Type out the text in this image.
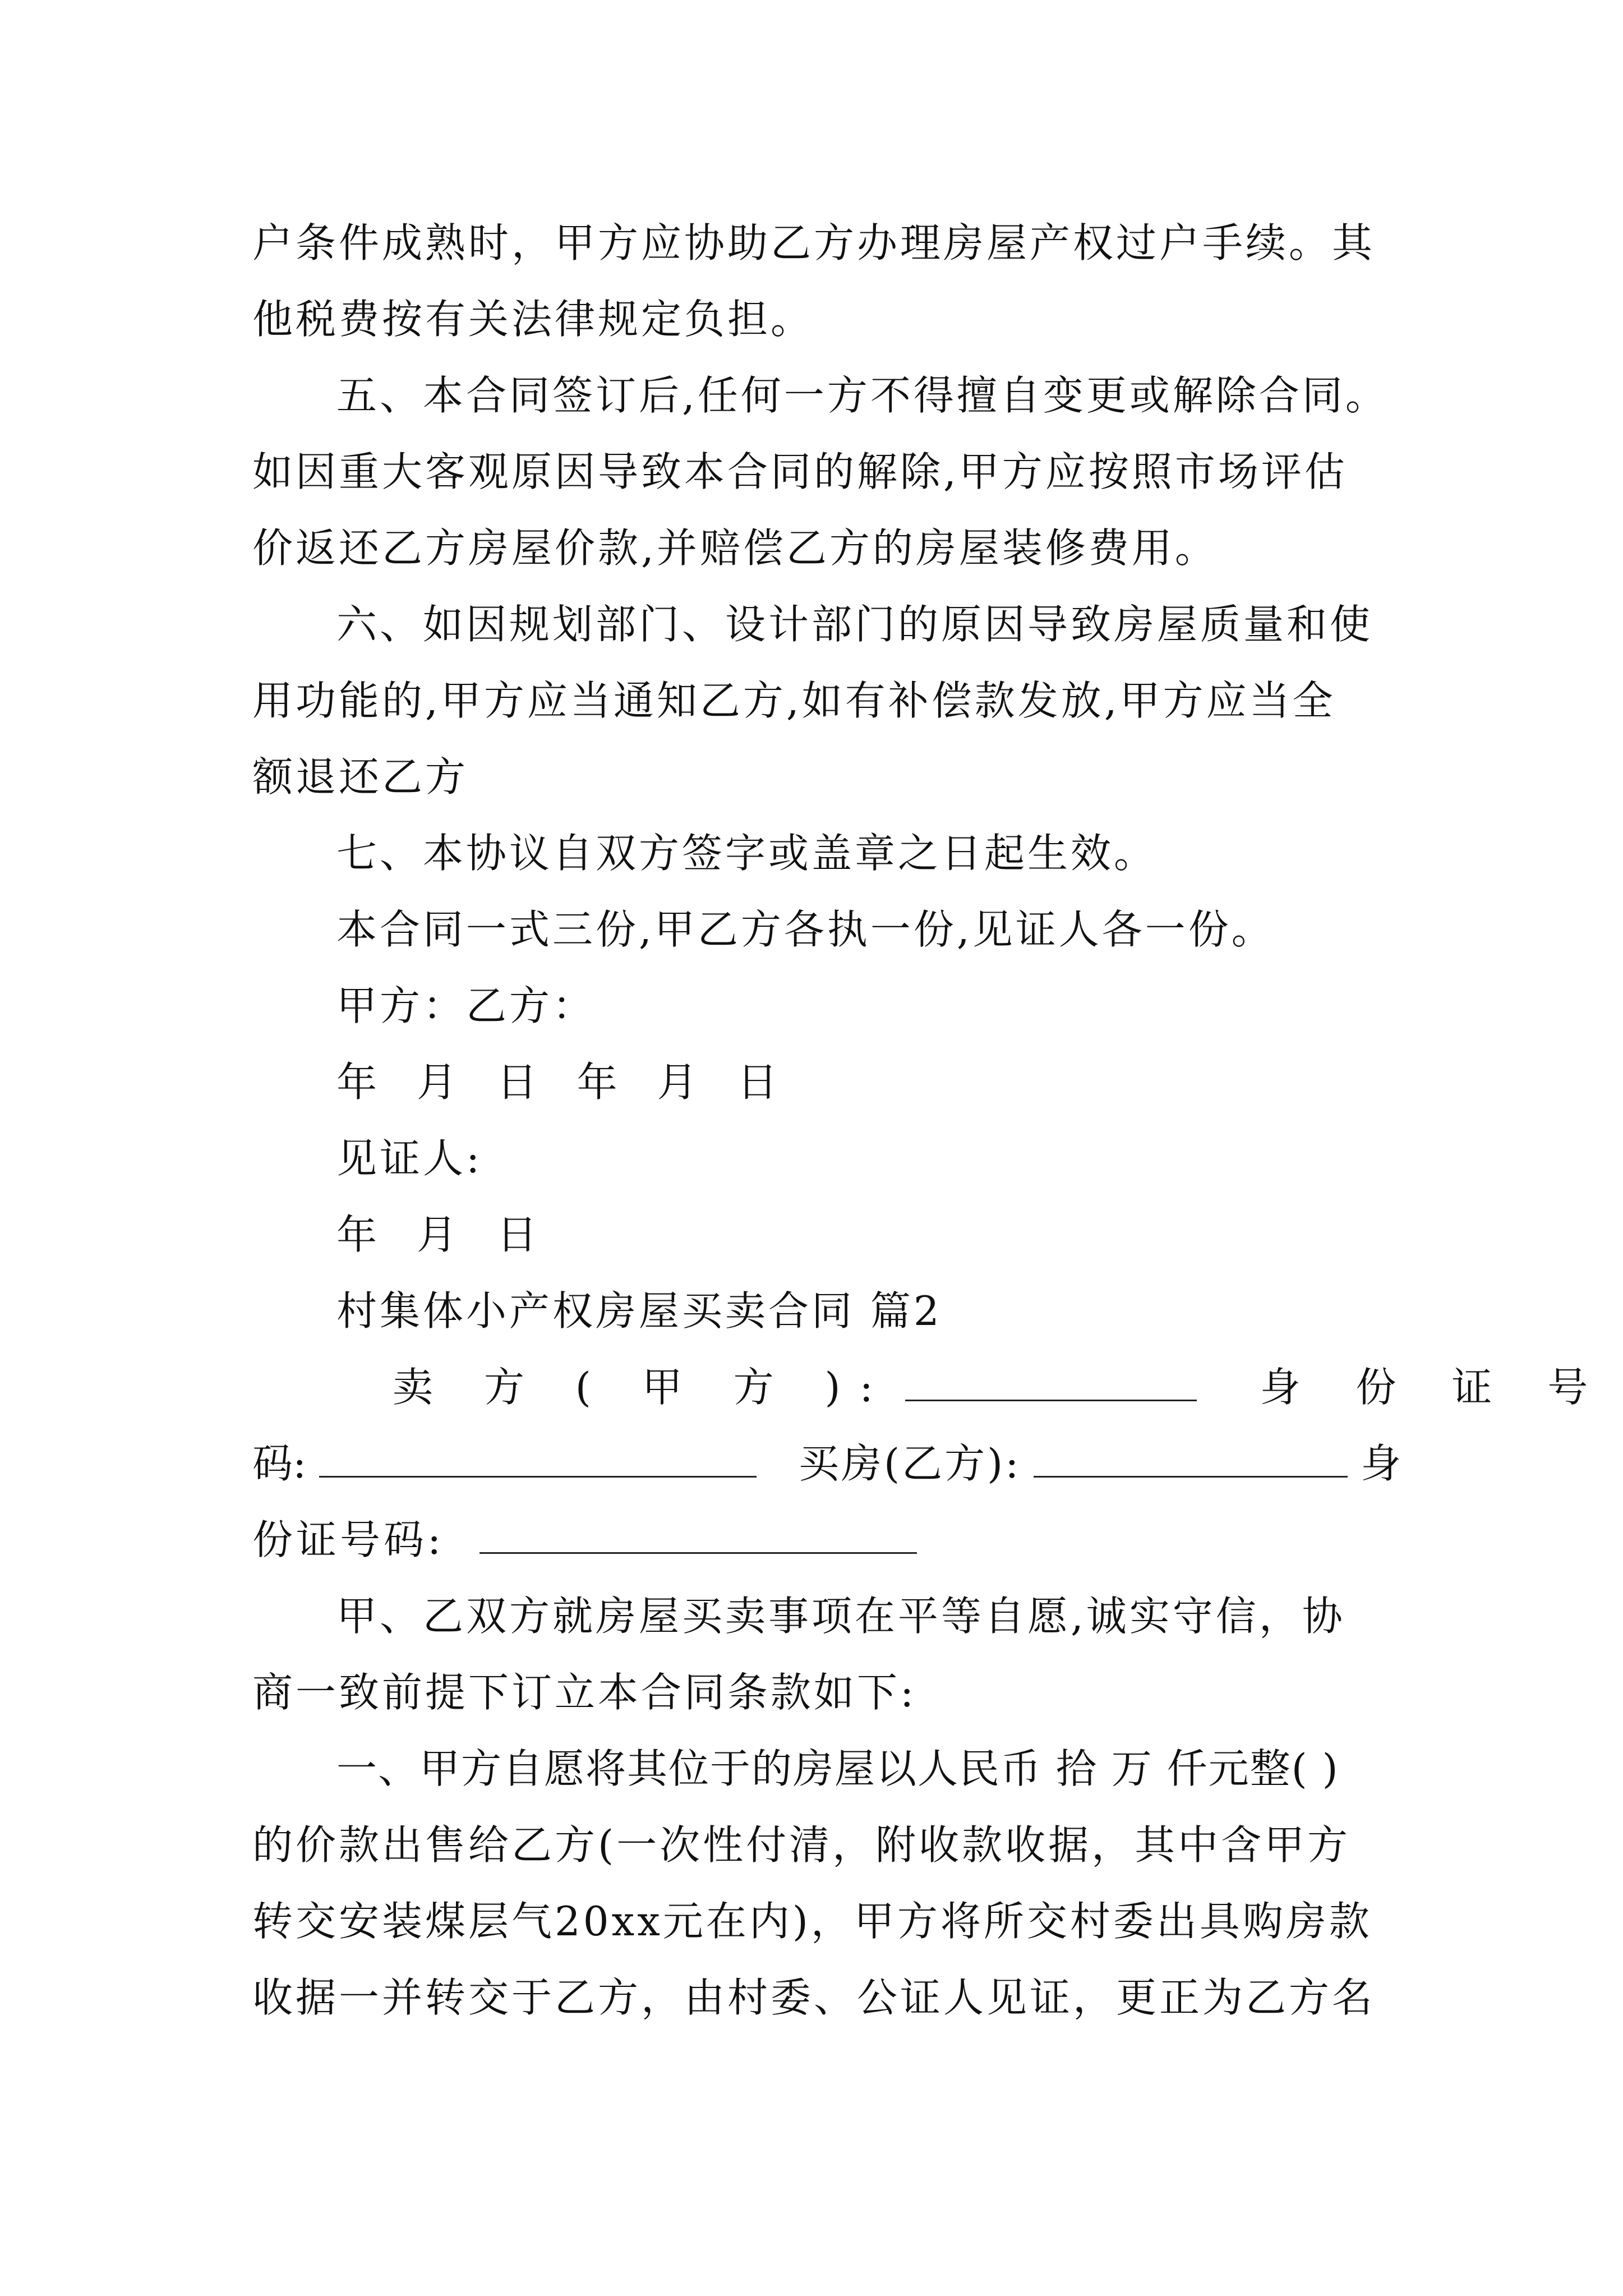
户条件成熟时，甲方应协助乙方办理房屋产权过户手续。其
他税费按有关法律规定负担。
五、本合同签订后,任何一方不得擅自变更或解除合同。
如因重大客观原因导致本合同的解除,甲方应按照市场评估
价返还乙方房屋价款,并赔偿乙方的房屋装修费用。
六、如因规划部门、设计部门的原因导致房屋质量和使
用功能的,甲方应当通知乙方,如有补偿款发放,甲方应当全
额退还乙方
七、本协议自双方签字或盖章之日起生效。
本合同一式三份,甲乙方各执一份,见证人各一份。
甲方：乙方：
年 月 日 年 月 日
见证人:
年 月 日
村集体小产权房屋买卖合同 篇2
卖 方 ( 甲 方 ):	身 份 证 号
码:	买房(乙方):	身
份证号码:
甲、乙双方就房屋买卖事项在平等自愿,诚实守信，协
商一致前提下订立本合同条款如下:
一、甲方自愿将其位于的房屋以人民币 拾 万 仟元整( )
的价款出售给乙方(一次性付清，附收款收据，其中含甲方
转交安装煤层气20xx元在内)，甲方将所交村委出具购房款
收据一并转交于乙方，由村委、公证人见证，更正为乙方名
